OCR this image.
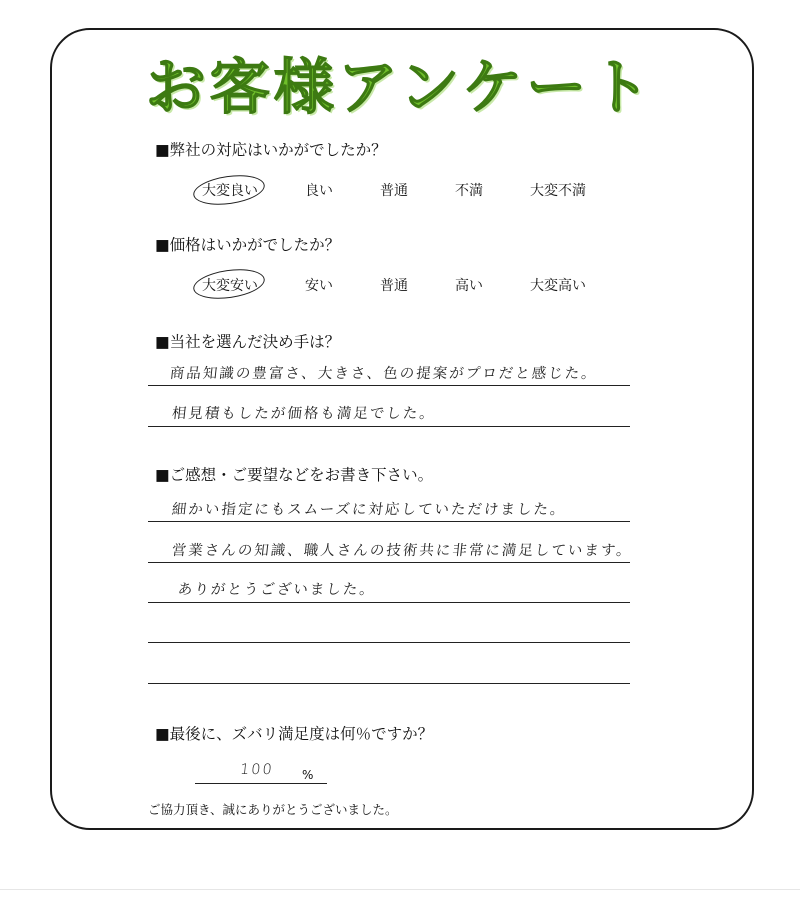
お客様アンケート
■弊社の対応はいかがでしたか？
大変良い	良い	普通	不満	大変不満
■価格はいかがでしたか？
大変安い	安い	普通	高い	大変高い
■当社を選んだ決め手は？
商品知識の豊富さ、大きさ、色の提案がプロだと感じた。
相見積もしたが価格も満足でした。
■ご感想・ご要望などをお書き下さい。
細かい指定にもスムーズに対応していただけました。
営業さんの知識、職人さんの技術共に非常に満足しています。
ありがとうございました。
■最後に、ズバリ満足度は何％ですか？
100 %
ご協力頂き、誠にありがとうございました。
